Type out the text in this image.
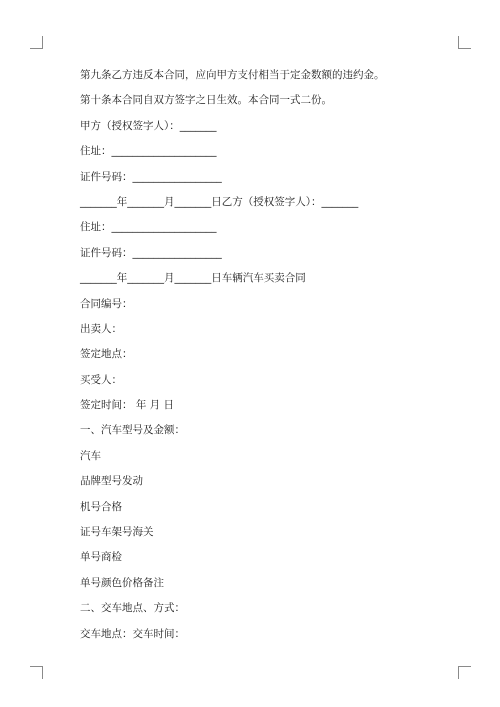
第九条乙方违反本合同，应向甲方支付相当于定金数额的违约金。
第十条本合同自双方签字之日生效。本合同一式二份。
甲方（授权签字人）：_______
住址：____________________
证件号码：_________________
_______年_______月_______日乙方（授权签字人）：_______
住址：____________________
证件号码：_________________
_______年_______月_______日车辆汽车买卖合同
合同编号：
出卖人：
签定地点：
买受人：
签定时间： 年 月 日
一、汽车型号及金额：
汽车
品牌型号发动
机号合格
证号车架号海关
单号商检
单号颜色价格备注
二、交车地点、方式：
交车地点：交车时间：
